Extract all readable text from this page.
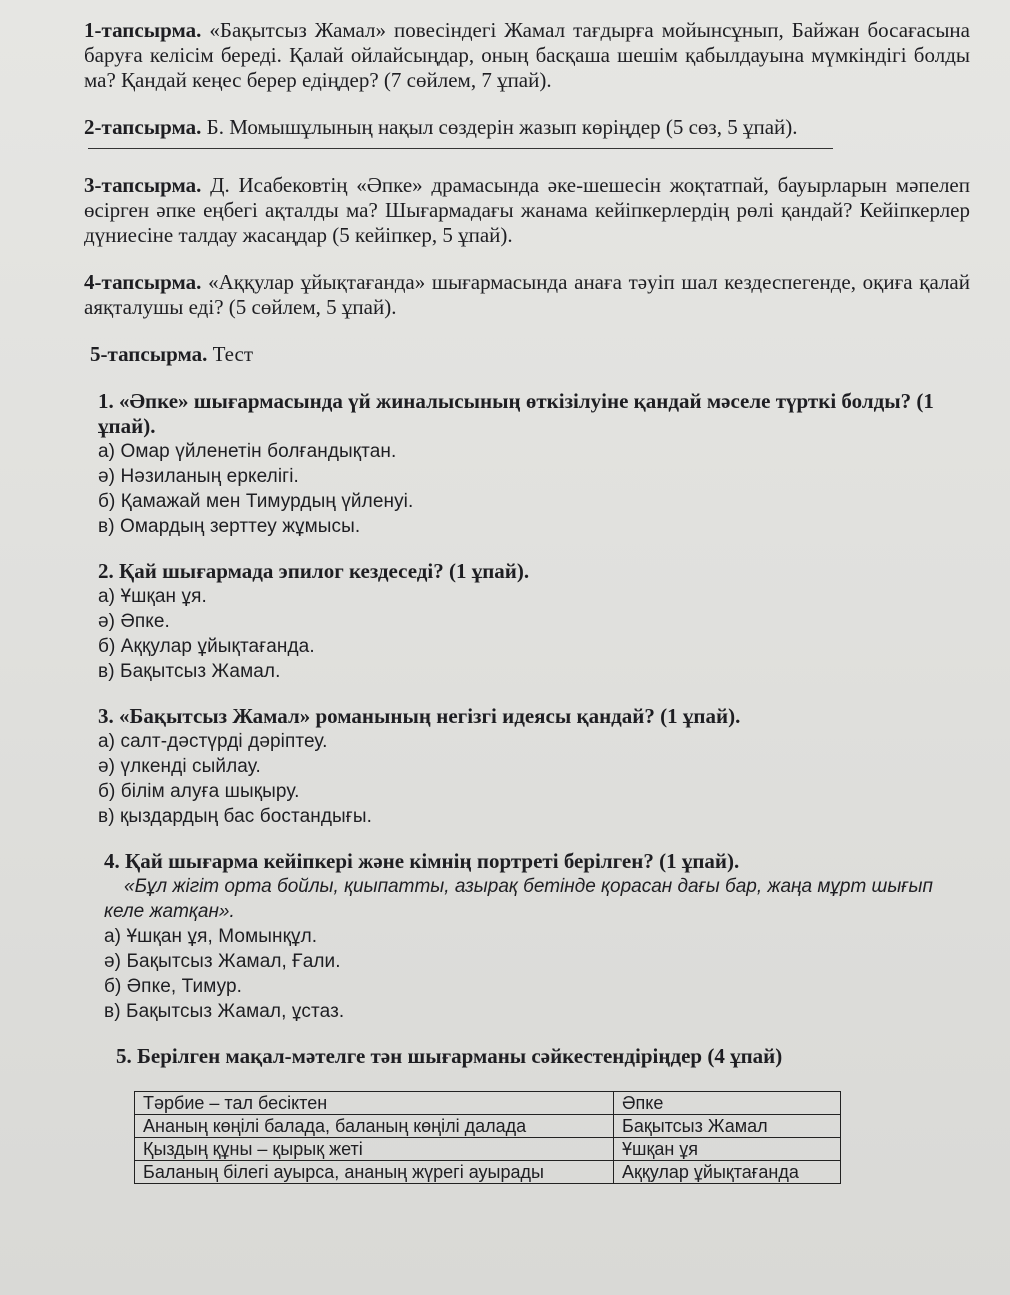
1-тапсырма. «Бақытсыз Жамал» повесіндегі Жамал тағдырға мойынсұнып, Байжан босағасына баруға келісім береді. Қалай ойлайсыңдар, оның басқаша шешім қабылдауына мүмкіндігі болды ма? Қандай кеңес берер едіңдер? (7 сөйлем, 7 ұпай).

2-тапсырма. Б. Момышұлының нақыл сөздерін жазып көріңдер (5 сөз, 5 ұпай).

3-тапсырма. Д. Исабековтің «Әпке» драмасында әке-шешесін жоқтатпай, бауырларын мәпелеп өсірген әпке еңбегі ақталды ма? Шығармадағы жанама кейіпкерлердің рөлі қандай? Кейіпкерлер дүниесіне талдау жасаңдар (5 кейіпкер, 5 ұпай).

4-тапсырма. «Аққулар ұйықтағанда» шығармасында анаға тәуіп шал кездеспегенде, оқиға қалай аяқталушы еді? (5 сөйлем, 5 ұпай).

5-тапсырма. Тест
1. «Әпке» шығармасында үй жиналысының өткізілуіне қандай мәселе түрткі болды? (1 ұпай).
а) Омар үйленетін болғандықтан.
ә) Нәзиланың еркелігі.
б) Қамажай мен Тимурдың үйленуі.
в) Омардың зерттеу жұмысы.
2. Қай шығармада эпилог кездеседі? (1 ұпай).
а) Ұшқан ұя.
ә) Әпке.
б) Аққулар ұйықтағанда.
в) Бақытсыз Жамал.
3. «Бақытсыз Жамал» романының негізгі идеясы қандай? (1 ұпай).
а) салт-дәстүрді дәріптеу.
ә) үлкенді сыйлау.
б) білім алуға шықыру.
в) қыздардың бас бостандығы.
4. Қай шығарма кейіпкері және кімнің портреті берілген? (1 ұпай).
«Бұл жігіт орта бойлы, қиыпатты, азырақ бетінде қорасан дағы бар, жаңа мұрт шығып келе жатқан».
а) Ұшқан ұя, Момынқұл.
ә) Бақытсыз Жамал, Ғали.
б) Әпке, Тимур.
в) Бақытсыз Жамал, ұстаз.
5. Берілген мақал-мәтелге тән шығарманы сәйкестендіріңдер (4 ұпай)
Тәрбие – тал бесіктен	Әпке
Ананың көңілі балада, баланың көңілі далада	Бақытсыз Жамал
Қыздың құны – қырық жеті	Ұшқан ұя
Баланың білегі ауырса, ананың жүрегі ауырады	Аққулар ұйықтағанда
